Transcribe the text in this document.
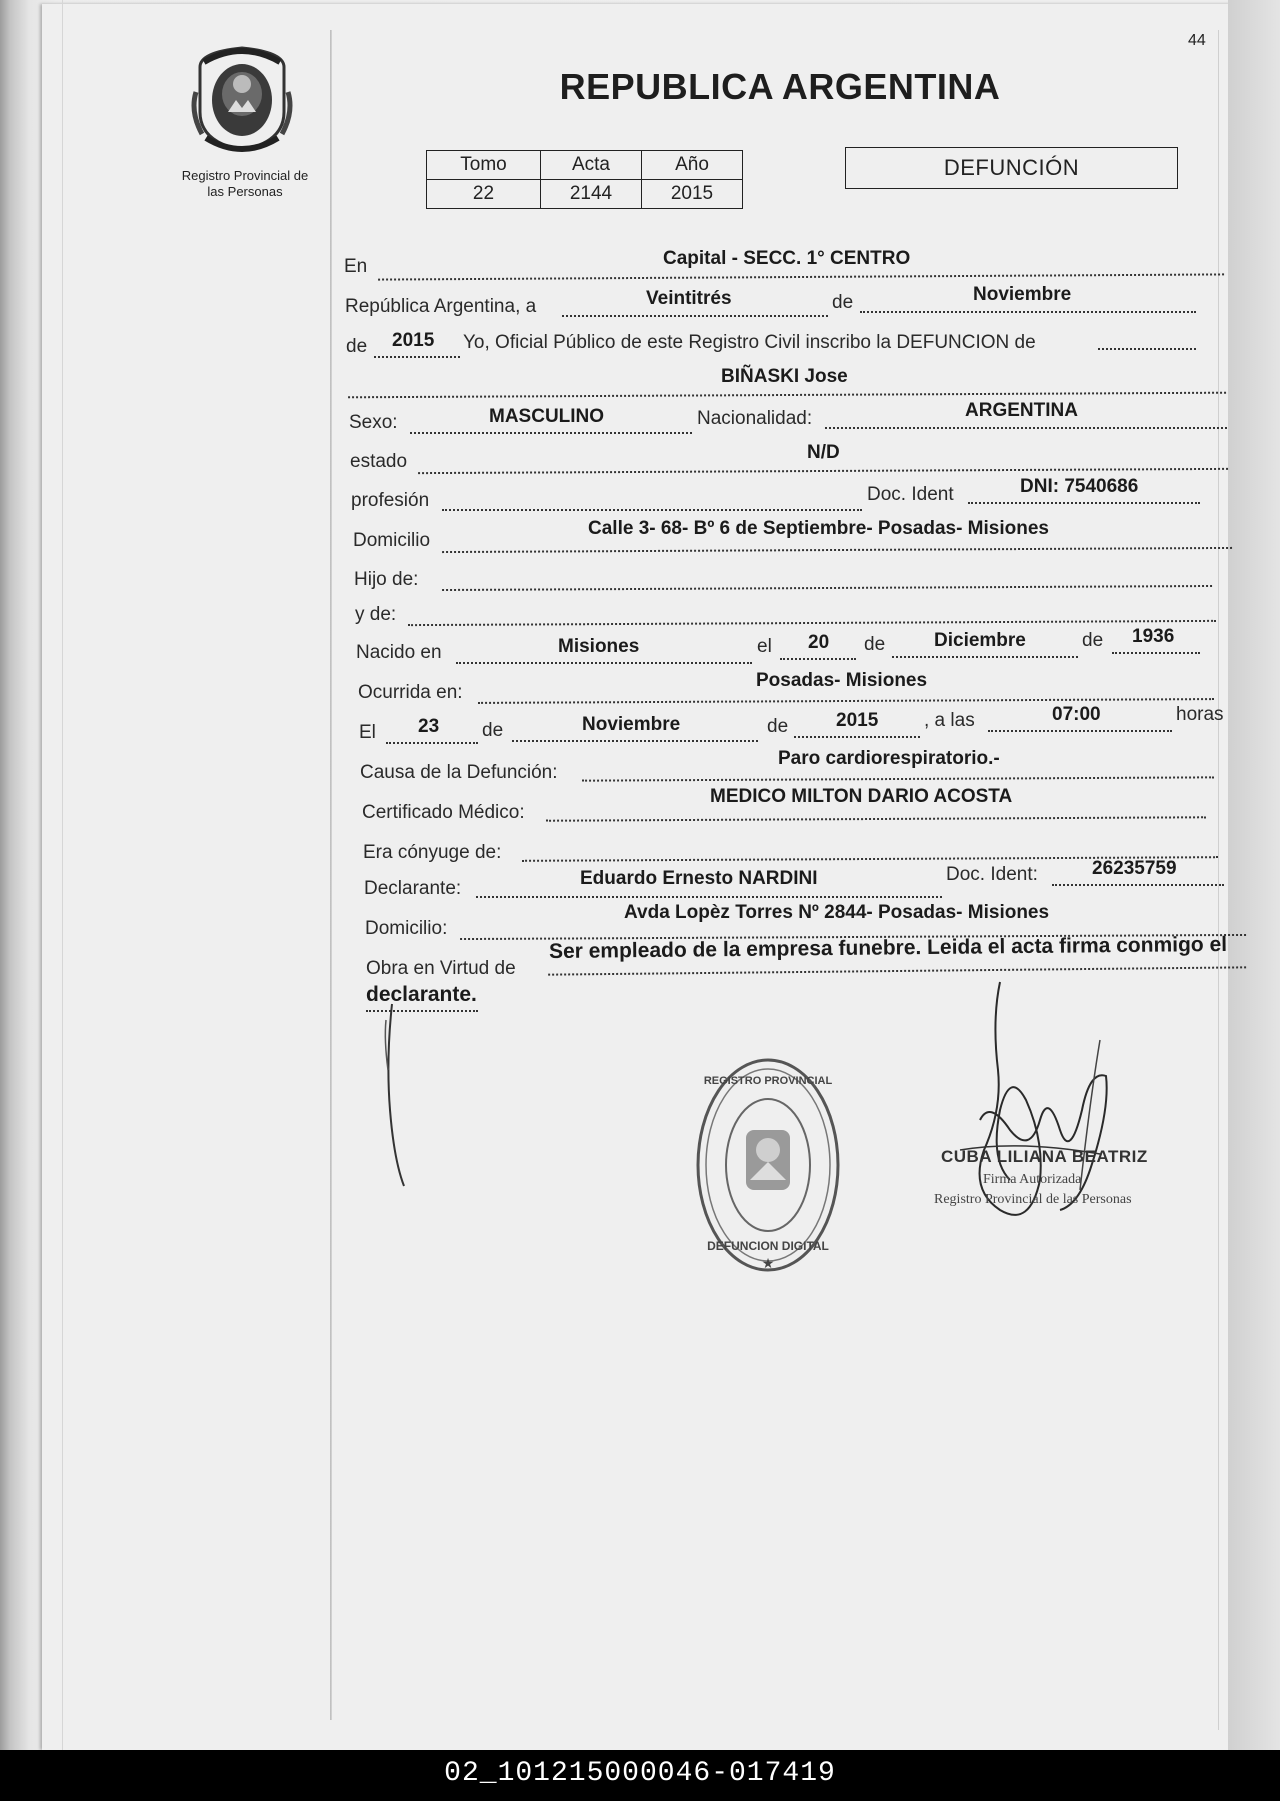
44
Registro Provincial de
las Personas
REPUBLICA ARGENTINA
Tomo	Acta	Año
22	2144	2015
DEFUNCIÓN
En	Capital - SECC. 1° CENTRO
República Argentina, a	Veintitrés	de	Noviembre
de 2015 Yo, Oficial Público de este Registro Civil inscribo la DEFUNCION de
BIÑASKI Jose
Sexo:	MASCULINO	Nacionalidad:	ARGENTINA
estado	N/D
profesión	Doc. Ident	DNI: 7540686
Domicilio
Calle 3- 68- Bº 6 de Septiembre- Posadas- Misiones
Hijo de:
y de:
Nacido en	Misiones	el 20 de	Diciembre	de 1936
Ocurrida en:
Posadas- Misiones
El 23 de	Noviembre	de	2015 , a las	07:00	horas
Causa de la Defunción:
Paro cardiorespiratorio.-
Certificado Médico:
MEDICO MILTON DARIO ACOSTA
Era cónyuge de:
Declarante:	Eduardo Ernesto NARDINI	Doc. Ident:	26235759
Domicilio:
Avda Lopèz Torres Nº 2844- Posadas- Misiones
Obra en Virtud de
Ser empleado de la empresa funebre. Leida el acta firma conmigo el
declarante.
REGISTRO PROVINCIAL
DEFUNCION DIGITAL
★
CUBA LILIANA BEATRIZ
Firma Autorizada
Registro Provincial de las Personas
02_101215000046-017419
